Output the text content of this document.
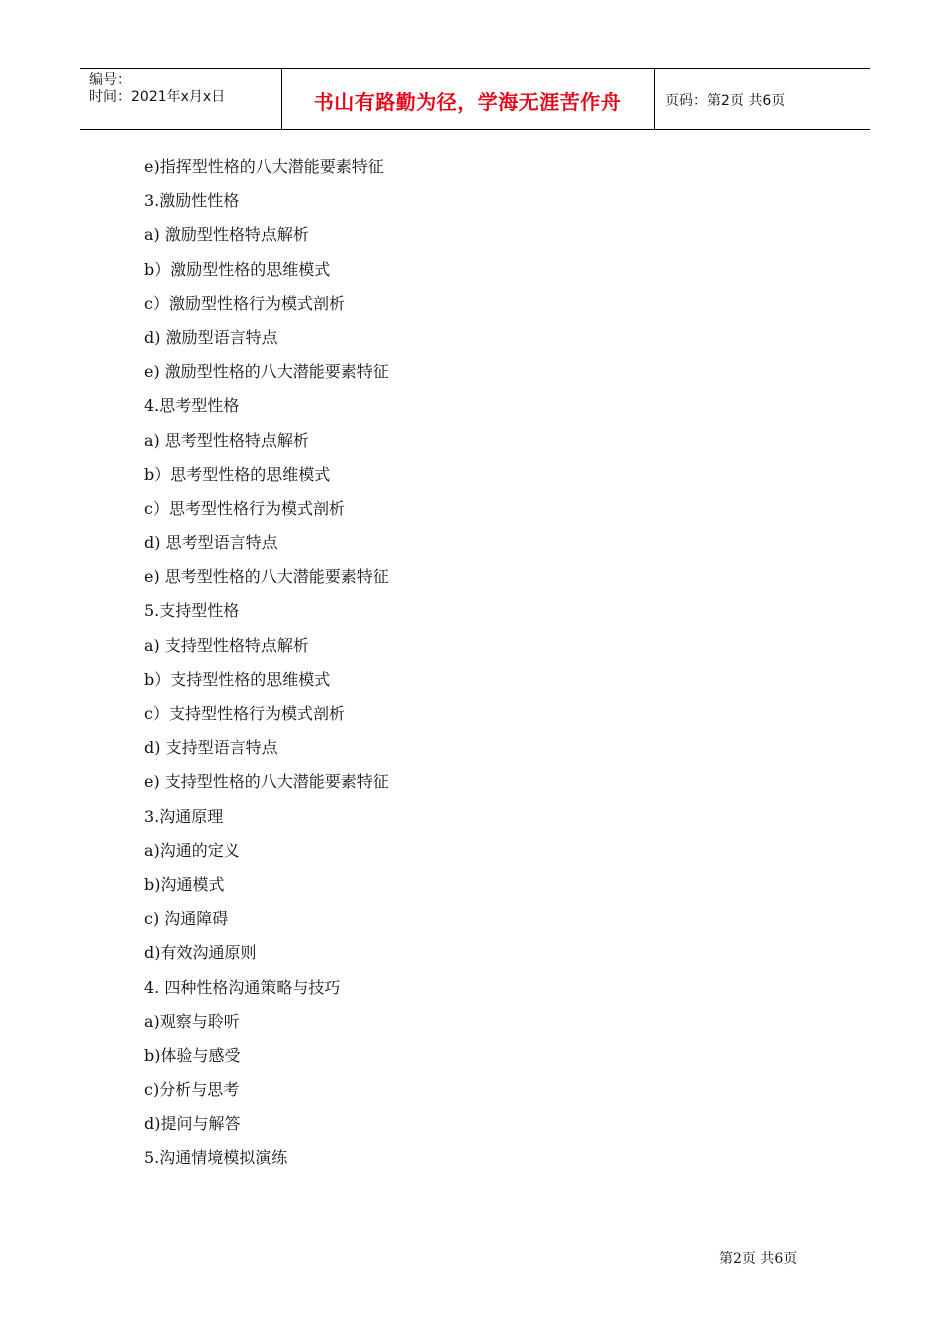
编号：
时间：2021年x月x日	书山有路勤为径，学海无涯苦作舟	页码：第2页 共6页
e)指挥型性格的八大潜能要素特征
3.激励性性格
a) 激励型性格特点解析
b）激励型性格的思维模式
c）激励型性格行为模式剖析
d) 激励型语言特点
e) 激励型性格的八大潜能要素特征
4.思考型性格
a) 思考型性格特点解析
b）思考型性格的思维模式
c）思考型性格行为模式剖析
d) 思考型语言特点
e) 思考型性格的八大潜能要素特征
5.支持型性格
a) 支持型性格特点解析
b）支持型性格的思维模式
c）支持型性格行为模式剖析
d) 支持型语言特点
e) 支持型性格的八大潜能要素特征
3.沟通原理
a)沟通的定义
b)沟通模式
c) 沟通障碍
d)有效沟通原则
4. 四种性格沟通策略与技巧
a)观察与聆听
b)体验与感受
c)分析与思考
d)提问与解答
5.沟通情境模拟演练
第2页 共6页
